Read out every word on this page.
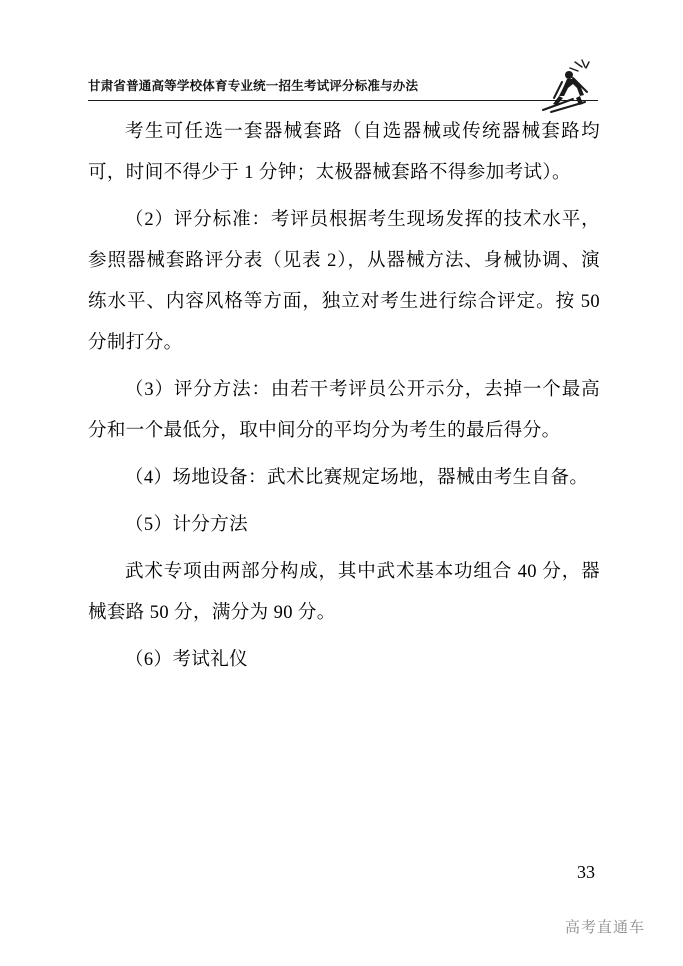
甘肃省普通高等学校体育专业统一招生考试评分标准与办法

考生可任选一套器械套路（自选器械或传统器械套路均可，时间不得少于 1 分钟；太极器械套路不得参加考试）。

（2）评分标准：考评员根据考生现场发挥的技术水平，参照器械套路评分表（见表 2），从器械方法、身械协调、演练水平、内容风格等方面，独立对考生进行综合评定。按 50 分制打分。

（3）评分方法：由若干考评员公开示分，去掉一个最高分和一个最低分，取中间分的平均分为考生的最后得分。

（4）场地设备：武术比赛规定场地，器械由考生自备。

（5）计分方法

武术专项由两部分构成，其中武术基本功组合 40 分，器械套路 50 分，满分为 90 分。

（6）考试礼仪

33
高考直通车
